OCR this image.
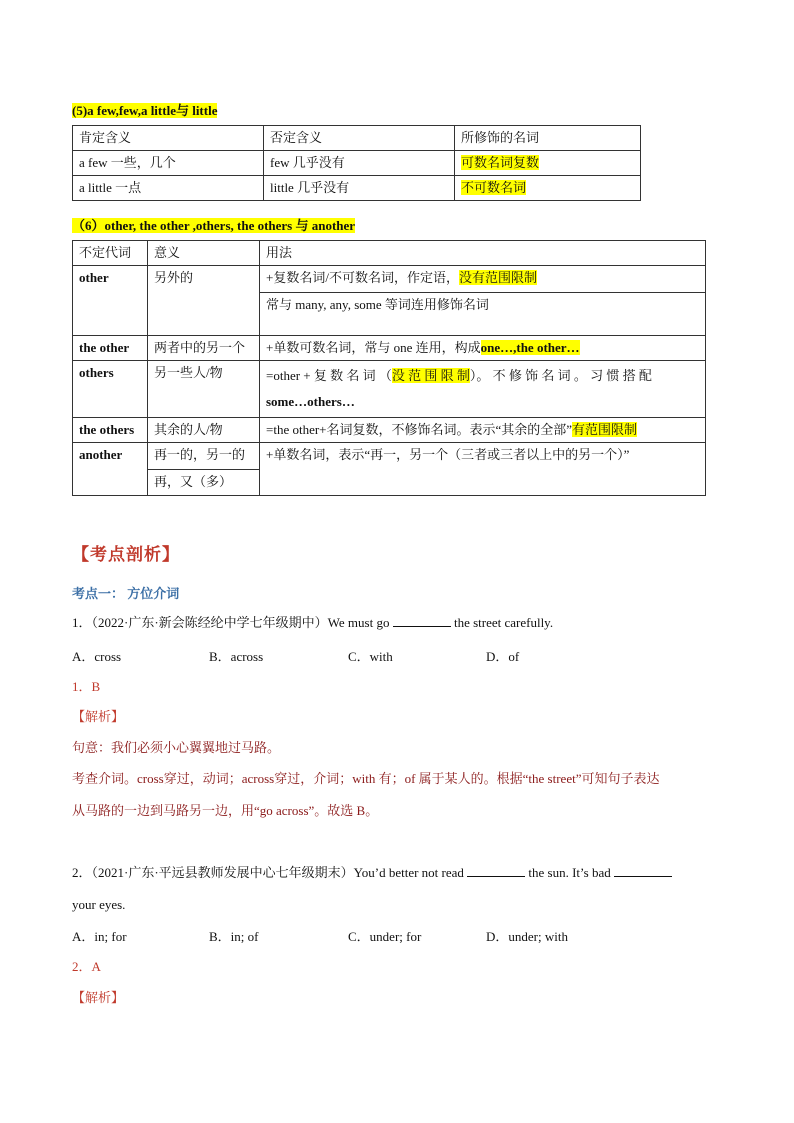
(5)a few,few,a little与 little
肯定含义	否定含义	所修饰的名词
a few 一些，几个	few 几乎没有	可数名词复数
a little 一点	little 几乎没有	不可数名词
（6）other, the other ,others, the others 与 another
不定代词	意义	用法
other	另外的	+复数名词/不可数名词，作定语，没有范围限制
		常与 many, any, some 等词连用修饰名词
the other	两者中的另一个	+单数可数名词，常与 one 连用，构成one…,the other…
others	另一些人/物	=other + 复 数 名 词 （没 范 围 限 制）。 不 修 饰 名 词 。 习 惯 搭 配
some…others…
the others	其余的人/物	=the other+名词复数，不修饰名词。表示“其余的全部”有范围限制
another	再一的，另一的	+单数名词，表示“再一，另一个（三者或三者以上中的另一个）”
	再，又（多）	
【考点剖析】
考点一： 方位介词
1．（2022·广东·新会陈经纶中学七年级期中）We must go	the street carefully.
A．cross	B．across	C．with	D．of
1．B
【解析】
句意：我们必须小心翼翼地过马路。
考查介词。cross穿过，动词；across穿过，介词；with 有；of 属于某人的。根据“the street”可知句子表达
从马路的一边到马路另一边，用“go across”。故选 B。
2．（2021·广东·平远县教师发展中心七年级期末）You’d better not read	the sun. It’s bad
your eyes.
A．in; for	B．in; of	C．under; for	D．under; with
2．A
【解析】
